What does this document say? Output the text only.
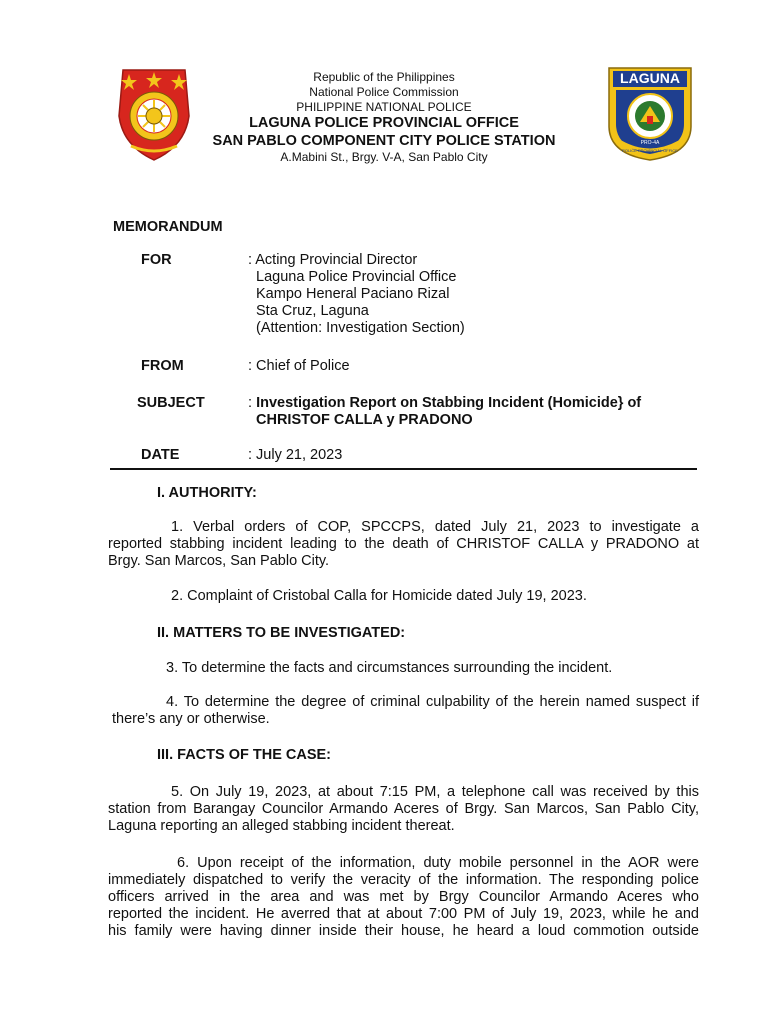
LAGUNA
PRO-4A
POLICE PROVINCIAL OFFICE
Republic of the Philippines
National Police Commission
PHILIPPINE NATIONAL POLICE
LAGUNA POLICE PROVINCIAL OFFICE
SAN PABLO COMPONENT CITY POLICE STATION
A.Mabini St., Brgy. V-A, San Pablo City
MEMORANDUM
FOR	: Acting Provincial Director
Laguna Police Provincial Office
Kampo Heneral Paciano Rizal
Sta Cruz, Laguna
(Attention: Investigation Section)
FROM	: Chief of Police
SUBJECT	: Investigation Report on Stabbing Incident (Homicide} of
CHRISTOF CALLA y PRADONO
DATE	: July 21, 2023
I. AUTHORITY:
1. Verbal orders of COP, SPCCPS, dated July 21, 2023 to investigate a
reported stabbing incident leading to the death of CHRISTOF CALLA y PRADONO at
Brgy. San Marcos, San Pablo City.
2. Complaint of Cristobal Calla for Homicide dated July 19, 2023.
II. MATTERS TO BE INVESTIGATED:
3. To determine the facts and circumstances surrounding the incident.
4. To determine the degree of criminal culpability of the herein named suspect if
there’s any or otherwise.
III. FACTS OF THE CASE:
5. On July 19, 2023, at about 7:15 PM, a telephone call was received by this
station from Barangay Councilor Armando Aceres of Brgy. San Marcos, San Pablo City,
Laguna reporting an alleged stabbing incident thereat.
6. Upon receipt of the information, duty mobile personnel in the AOR were
immediately dispatched to verify the veracity of the information. The responding police
officers arrived in the area and was met by Brgy Councilor Armando Aceres who
reported the incident. He averred that at about 7:00 PM of July 19, 2023, while he and
his family were having dinner inside their house, he heard a loud commotion outside
